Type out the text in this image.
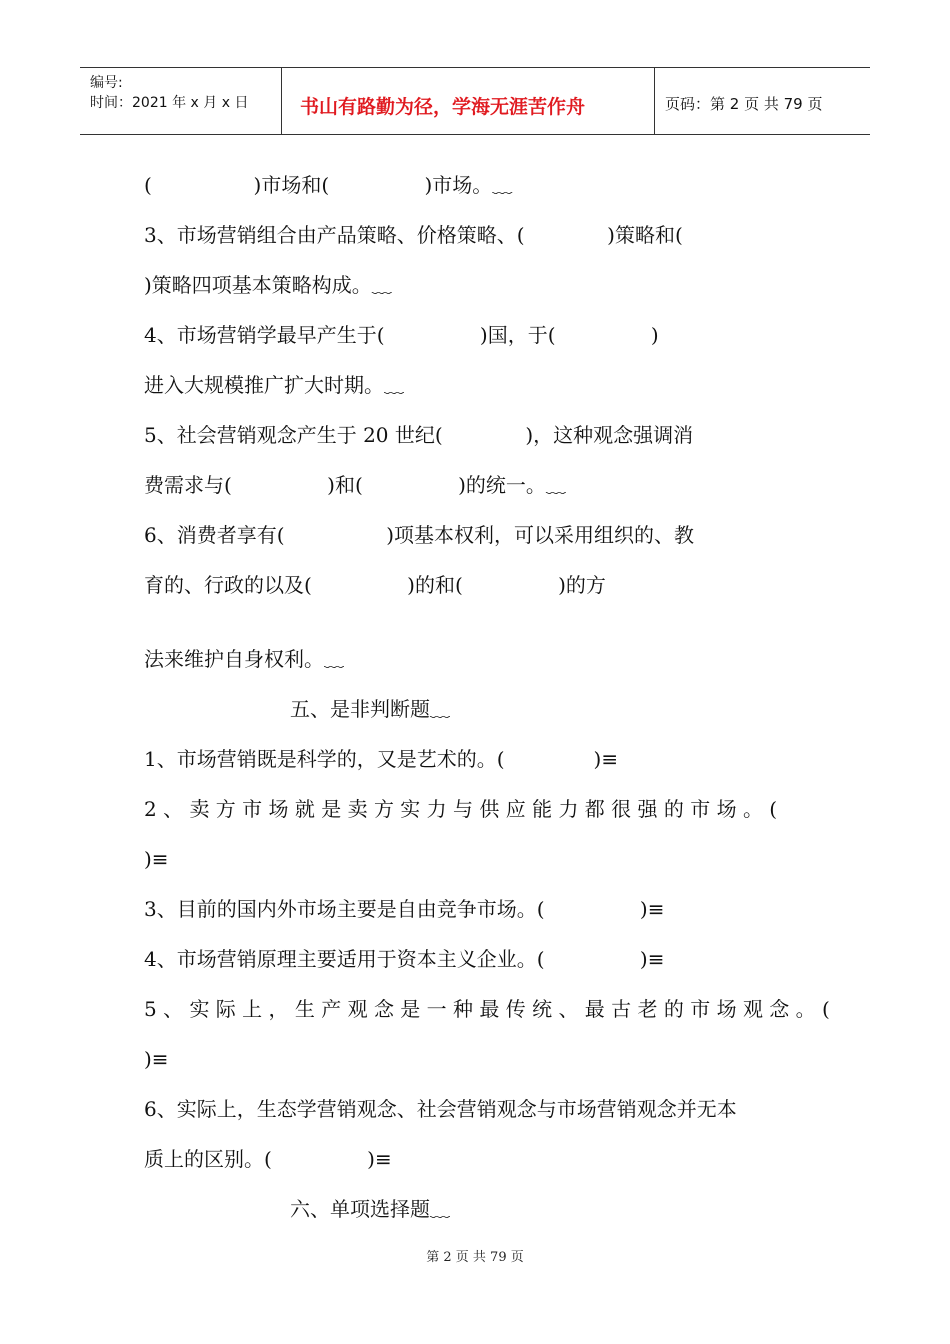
编号:
时间：2021 年 x 月 x 日	书山有路勤为径，学海无涯苦作舟	页码：第 2 页 共 79 页
(                )市场和(               )市场。﹏
3、市场营销组合由产品策略、价格策略、(             )策略和(
)策略四项基本策略构成。﹏
4、市场营销学最早产生于(               )国，于(               )
进入大规模推广扩大时期。﹏
5、社会营销观念产生于 20 世纪(             )，这种观念强调消
费需求与(               )和(               )的统一。﹏
6、消费者享有(                )项基本权利，可以采用组织的、教
育的、行政的以及(               )的和(               )的方
法来维护自身权利。﹏
五、是非判断题﹏
1、市场营销既是科学的，又是艺术的。(              )≡
2 、 卖 方 市 场 就 是 卖 方 实 力 与 供 应 能 力 都 很 强 的 市 场 。 (
)≡
3、目前的国内外市场主要是自由竞争市场。(               )≡
4、市场营销原理主要适用于资本主义企业。(               )≡
5 、 实 际 上 ， 生 产 观 念 是 一 种 最 传 统 、 最 古 老 的 市 场 观 念 。 (
)≡
6、实际上，生态学营销观念、社会营销观念与市场营销观念并无本
质上的区别。(               )≡
六、单项选择题﹏
第 2 页 共 79 页
